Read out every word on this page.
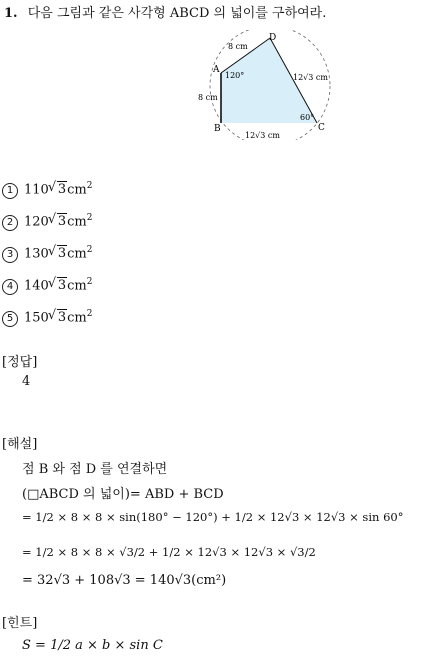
1. 다음 그림과 같은 사각형 ABCD 의 넓이를 구하여라.
A
B	C
D
8 cm
8 cm
12√3 cm
12√3 cm
120°
60°
1 110 √ $3cm^2$
2 120 √ $3cm^2$
3 130 √ $3cm^2$
4 140 √ $3cm^2$
5 150 √ $3cm^2$
[정답]
4
[해설]
점 B 와 점 D 를 연결하면
(□ABCD 의 넓이)= ABD + BCD
= 1/2 × 8 × 8 × sin(180° − 120°) + 1/2 × 12√3 × 12√3 × sin 60°
= 1/2 × 8 × 8 × √3/2 + 1/2 × 12√3 × 12√3 × √3/2
= 32√3 + 108√3 = 140√3(cm²)
[힌트]
S = 1/2 a × b × sin C
